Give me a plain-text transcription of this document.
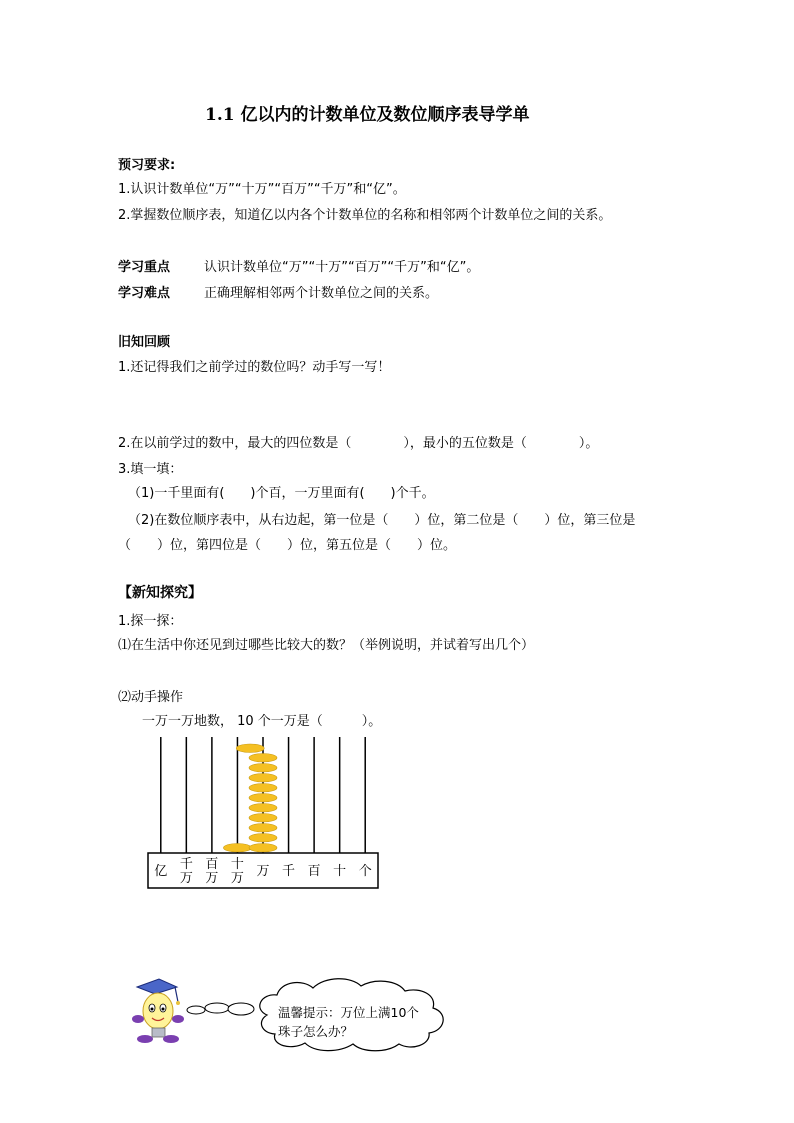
1.1 亿以内的计数单位及数位顺序表导学单
预习要求:
1.认识计数单位“万”“十万”“百万”“千万”和“亿”。
2.掌握数位顺序表，知道亿以内各个计数单位的名称和相邻两个计数单位之间的关系。
学习重点	认识计数单位“万”“十万”“百万”“千万”和“亿”。
学习难点	正确理解相邻两个计数单位之间的关系。
旧知回顾
1.还记得我们之前学过的数位吗？动手写一写！
2.在以前学过的数中，最大的四位数是（　　　　），最小的五位数是（　　　　）。
3.填一填：
（1)一千里面有(　　)个百，一万里面有(　　)个千。
（2)在数位顺序表中，从右边起，第一位是（　　）位，第二位是（　　）位，第三位是
（　　）位，第四位是（　　）位，第五位是（　　）位。
【新知探究】
1.探一探：
⑴在生活中你还见到过哪些比较大的数？（举例说明，并试着写出几个）
⑵动手操作
一万一万地数， 10 个一万是（　　　）。
亿 千
万
百
万
十
万 万 千 百 十 个
温馨提示：万位上满10个珠子怎么办？
